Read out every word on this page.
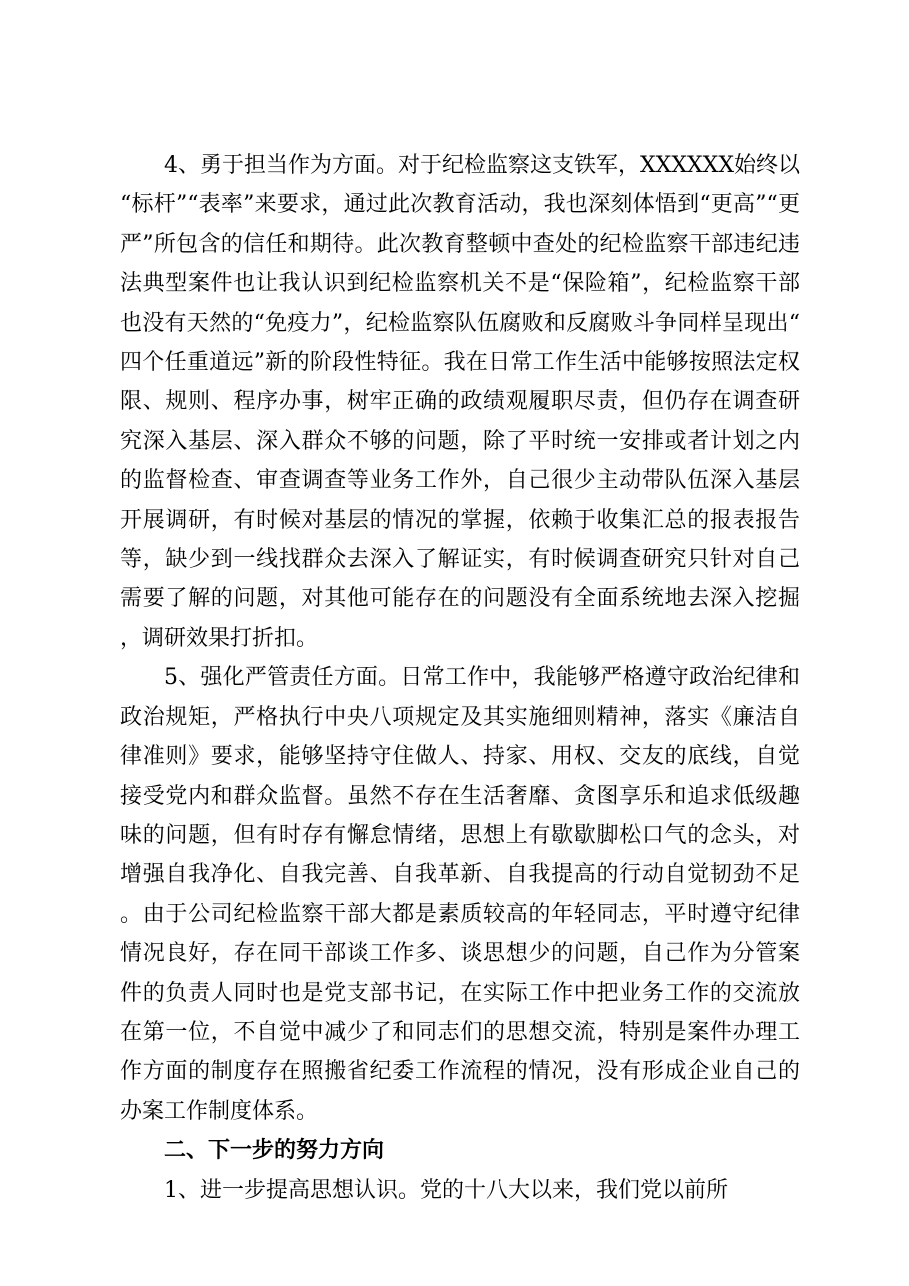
4、勇于担当作为方面。对于纪检监察这支铁军，XXXXXX始终以“标杆”“表率”来要求，通过此次教育活动，我也深刻体悟到“更高”“更严”所包含的信任和期待。此次教育整顿中查处的纪检监察干部违纪违法典型案件也让我认识到纪检监察机关不是“保险箱”，纪检监察干部也没有天然的“免疫力”，纪检监察队伍腐败和反腐败斗争同样呈现出“四个任重道远”新的阶段性特征。我在日常工作生活中能够按照法定权限、规则、程序办事，树牢正确的政绩观履职尽责，但仍存在调查研究深入基层、深入群众不够的问题，除了平时统一安排或者计划之内的监督检查、审查调查等业务工作外，自己很少主动带队伍深入基层开展调研，有时候对基层的情况的掌握，依赖于收集汇总的报表报告等，缺少到一线找群众去深入了解证实，有时候调查研究只针对自己需要了解的问题，对其他可能存在的问题没有全面系统地去深入挖掘，调研效果打折扣。

5、强化严管责任方面。日常工作中，我能够严格遵守政治纪律和政治规矩，严格执行中央八项规定及其实施细则精神，落实《廉洁自律准则》要求，能够坚持守住做人、持家、用权、交友的底线，自觉接受党内和群众监督。虽然不存在生活奢靡、贪图享乐和追求低级趣味的问题，但有时存有懈怠情绪，思想上有歇歇脚松口气的念头，对增强自我净化、自我完善、自我革新、自我提高的行动自觉韧劲不足。由于公司纪检监察干部大都是素质较高的年轻同志，平时遵守纪律情况良好，存在同干部谈工作多、谈思想少的问题，自己作为分管案件的负责人同时也是党支部书记，在实际工作中把业务工作的交流放在第一位，不自觉中减少了和同志们的思想交流，特别是案件办理工作方面的制度存在照搬省纪委工作流程的情况，没有形成企业自己的办案工作制度体系。

二、下一步的努力方向

1、进一步提高思想认识。党的十八大以来，我们党以前所
